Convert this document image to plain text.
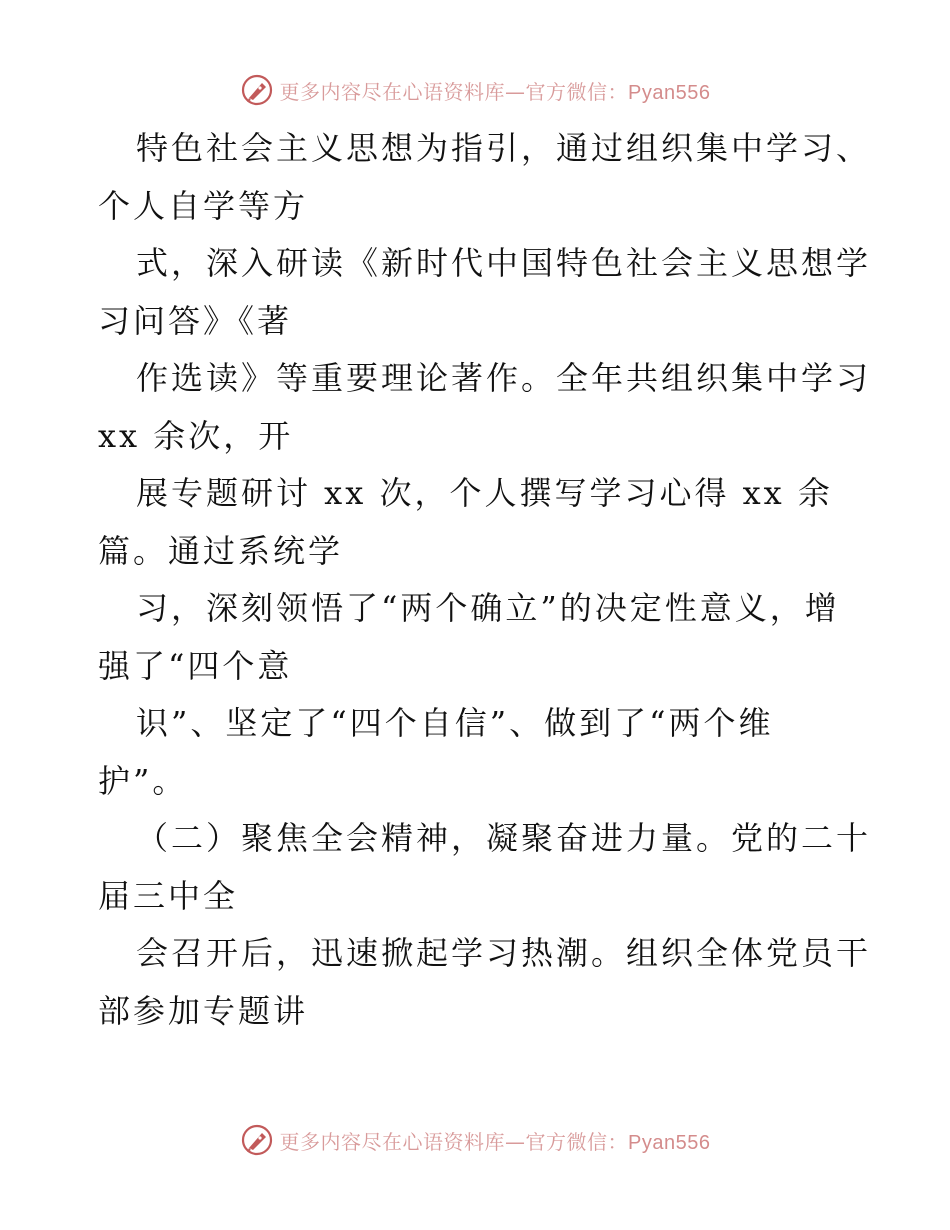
更多内容尽在心语资料库—官方微信：Pyan556
特色社会主义思想为指引，通过组织集中学习、
个人自学等方
式，深入研读《新时代中国特色社会主义思想学
习问答》《著
作选读》等重要理论著作。全年共组织集中学习
xx 余次，开
展专题研讨 xx 次，个人撰写学习心得 xx 余
篇。通过系统学
习，深刻领悟了“两个确立”的决定性意义，增
强了“四个意
识”、坚定了“四个自信”、做到了“两个维
护”。
（二）聚焦全会精神，凝聚奋进力量。党的二十
届三中全
会召开后，迅速掀起学习热潮。组织全体党员干
部参加专题讲
更多内容尽在心语资料库—官方微信：Pyan556
